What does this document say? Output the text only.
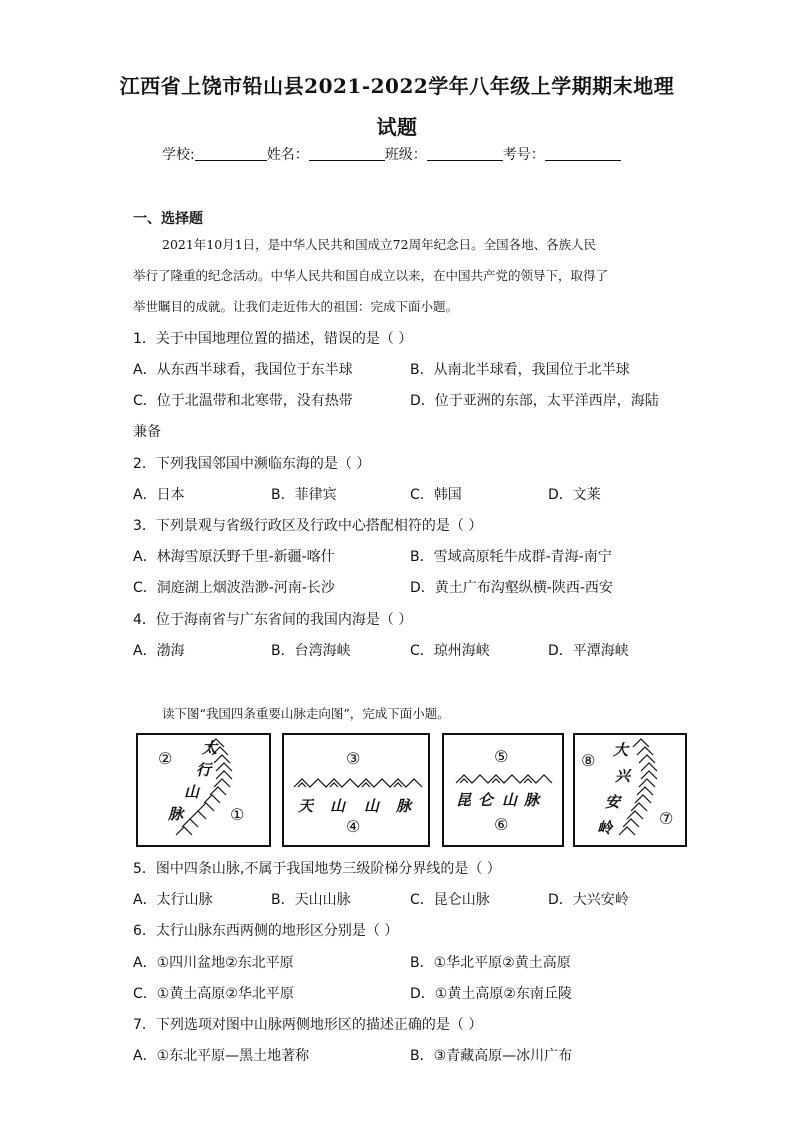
江西省上饶市铅山县2021-2022学年八年级上学期期末地理
试题
学校:	姓名：	班级：	考号：
一、选择题
2021年10月1日，是中华人民共和国成立72周年纪念日。全国各地、各族人民
举行了隆重的纪念活动。中华人民共和国自成立以来，在中国共产党的领导下，取得了
举世瞩目的成就。让我们走近伟大的祖国：完成下面小题。
1．关于中国地理位置的描述，错误的是（ ）
A．从东西半球看，我国位于东半球	B．从南北半球看，我国位于北半球
C．位于北温带和北寒带，没有热带	D．位于亚洲的东部，太平洋西岸，海陆
兼备
2．下列我国邻国中濒临东海的是（ ）
A．日本	B．菲律宾	C．韩国	D．文莱
3．下列景观与省级行政区及行政中心搭配相符的是（ ）
A．林海雪原沃野千里-新疆-喀什	B．雪域高原牦牛成群-青海-南宁
C．洞庭湖上烟波浩渺-河南-长沙	D．黄土广布沟壑纵横-陕西-西安
4．位于海南省与广东省间的我国内海是（ ）
A．渤海	B．台湾海峡	C．琼州海峡	D．平潭海峡
读下图“我国四条重要山脉走向图”，完成下面小题。
太
行
山
脉
②
①	天 山 山 脉
③
④
昆 仑 山 脉
⑤
⑥
大
兴
安
岭
⑧
⑦
5．图中四条山脉,不属于我国地势三级阶梯分界线的是（ ）
A．太行山脉	B．天山山脉	C．昆仑山脉	D．大兴安岭
6．太行山脉东西两侧的地形区分别是（ ）
A．①四川盆地②东北平原	B．①华北平原②黄土高原
C．①黄土高原②华北平原	D．①黄土高原②东南丘陵
7．下列选项对图中山脉两侧地形区的描述正确的是（ ）
A．①东北平原—黑土地著称	B．③青藏高原—冰川广布
